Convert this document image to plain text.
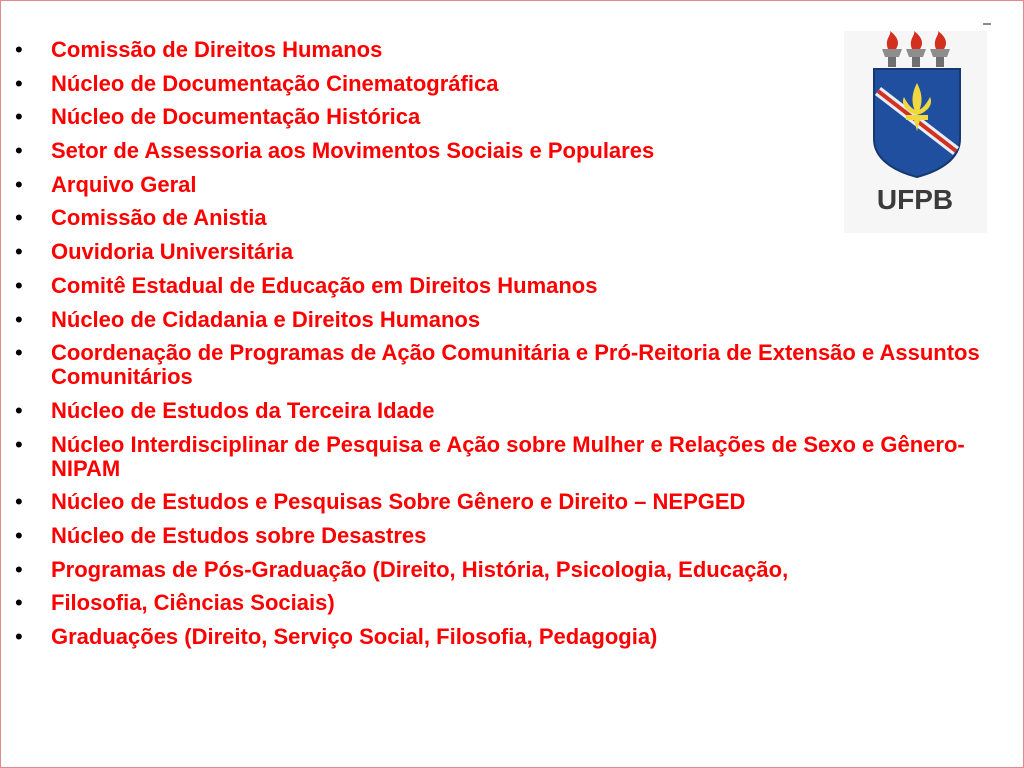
• Comissão de Direitos Humanos
• Núcleo de Documentação Cinematográfica
• Núcleo de Documentação Histórica
• Setor de Assessoria aos Movimentos Sociais e Populares
• Arquivo Geral
• Comissão de Anistia
• Ouvidoria Universitária
• Comitê Estadual de Educação em Direitos Humanos
• Núcleo de Cidadania e Direitos Humanos
• Coordenação de Programas de Ação Comunitária e Pró-Reitoria de Extensão e Assuntos Comunitários
• Núcleo de Estudos da Terceira Idade
• Núcleo Interdisciplinar de Pesquisa e Ação sobre Mulher e Relações de Sexo e Gênero-NIPAM
• Núcleo de Estudos e Pesquisas Sobre Gênero e Direito – NEPGED
• Núcleo de Estudos sobre Desastres
• Programas de Pós-Graduação (Direito, História, Psicologia, Educação,
• Filosofia, Ciências Sociais)
• Graduações (Direito, Serviço Social, Filosofia, Pedagogia)
UFPB
